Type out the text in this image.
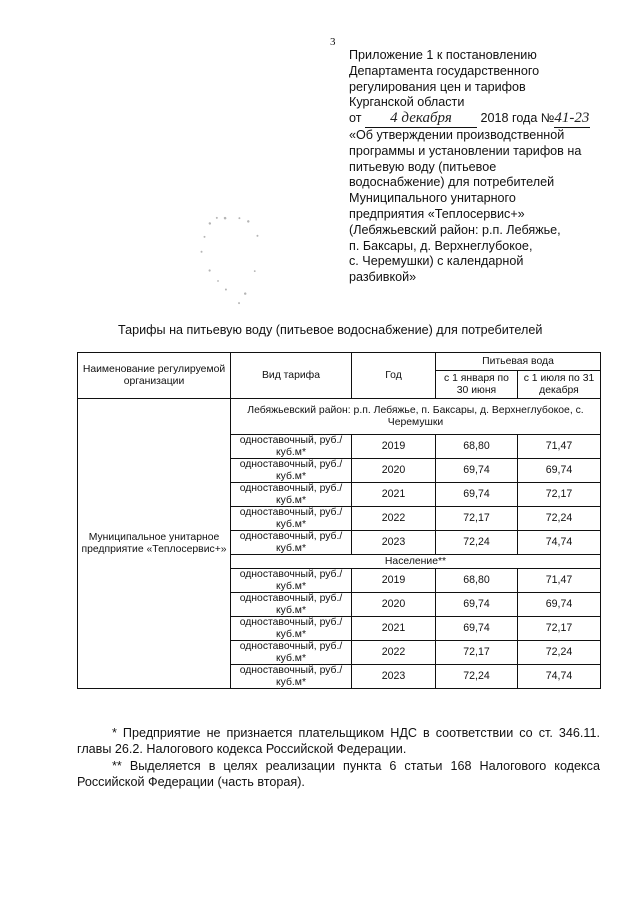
3
Приложение 1 к постановлению
Департамента государственного
регулирования цен и тарифов
Курганской области
от 4 декабря 2018 года №41-23
«Об утверждении производственной
программы и установлении тарифов на
питьевую воду (питьевое
водоснабжение) для потребителей
Муниципального унитарного
предприятия «Теплосервис+»
(Лебяжьевский район: р.п. Лебяжье,
п. Баксары, д. Верхнеглубокое,
с. Черемушки) с календарной
разбивкой»
Тарифы на питьевую воду (питьевое водоснабжение) для потребителей
Наименование регулируемой организации	Вид тарифа	Год	Питьевая вода	
			с 1 января по 30 июня	с 1 июля по 31 декабря
Муниципальное унитарное предприятие «Теплосервис+»	Лебяжьевский район: р.п. Лебяжье, п. Баксары, д. Верхнеглубокое, с. Черемушки			
	одноставочный, руб./куб.м*	2019	68,80	71,47
	одноставочный, руб./куб.м*	2020	69,74	69,74
	одноставочный, руб./куб.м*	2021	69,74	72,17
	одноставочный, руб./куб.м*	2022	72,17	72,24
	одноставочный, руб./куб.м*	2023	72,24	74,74
	Население**			
	одноставочный, руб./куб.м*	2019	68,80	71,47
	одноставочный, руб./куб.м*	2020	69,74	69,74
	одноставочный, руб./куб.м*	2021	69,74	72,17
	одноставочный, руб./куб.м*	2022	72,17	72,24
	одноставочный, руб./куб.м*	2023	72,24	74,74

* Предприятие не признается плательщиком НДС в соответствии со ст. 346.11. главы 26.2. Налогового кодекса Российской Федерации.

** Выделяется в целях реализации пункта 6 статьи 168 Налогового кодекса Российской Федерации (часть вторая).
